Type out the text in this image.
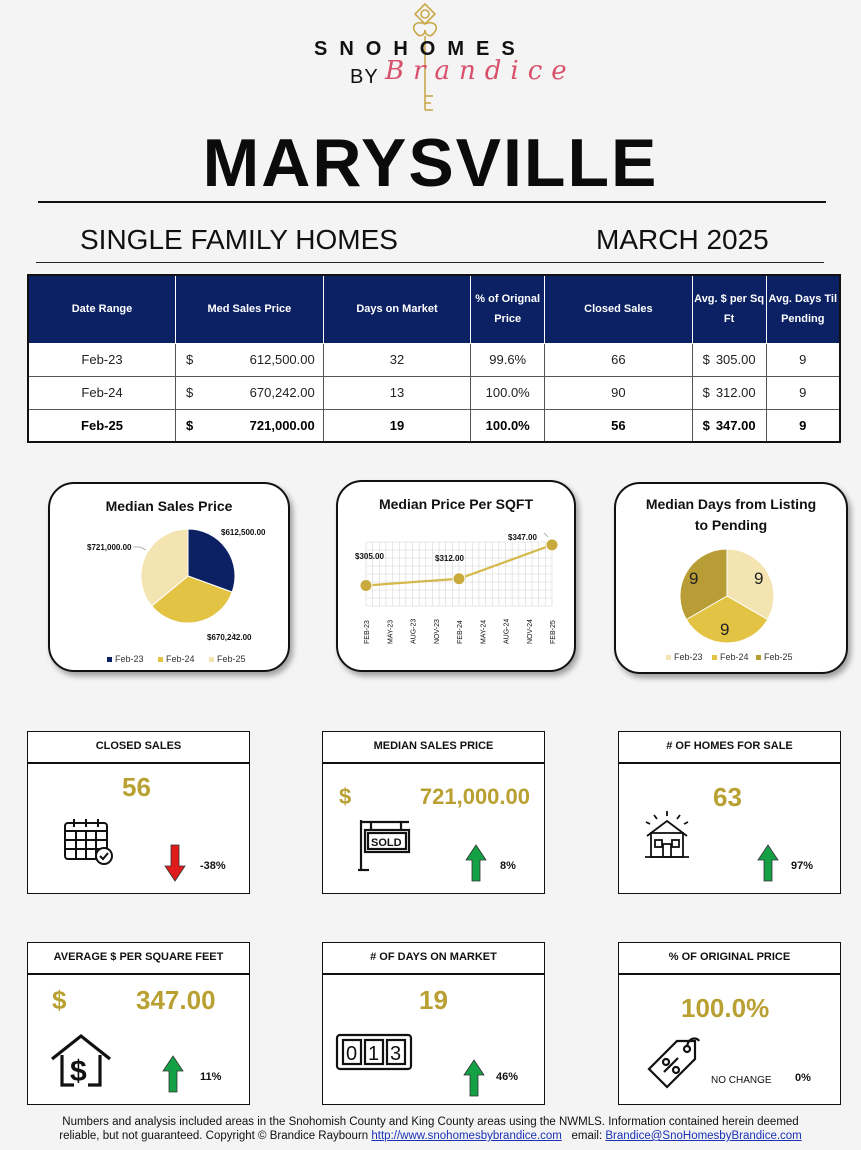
SNOHOMES
BY Brandice
MARYSVILLE
SINGLE FAMILY HOMES	MARCH 2025
Date Range	Med Sales Price	Days on Market	% of Orignal Price	Closed Sales	Avg. $ per Sq Ft	Avg. Days Til Pending
Feb-23	$ 612,500.00	32	99.6%	66	$ 305.00	9
Feb-24	$ 670,242.00	13	100.0%	90	$ 312.00	9
Feb-25	$ 721,000.00	19	100.0%	56	$ 347.00	9
Median Sales Price
$612,500.00
$670,242.00
$721,000.00
Feb-23 Feb-24 Feb-25
Median Price Per SQFT
FEB-23 MAY-23 AUG-23 NOV-23 FEB-24 MAY-24 AUG-24 NOV-24 FEB-25
$305.00	$312.00
$347.00
Median Days from Listing
to Pending
9
9
9
Feb-23 Feb-24 Feb-25
CLOSED SALES
56
-38%
MEDIAN SALES PRICE
$	721,000.00
SOLD
8%
# OF HOMES FOR SALE
63
97%
AVERAGE $ PER SQUARE FEET
$	347.00
$	11%
# OF DAYS ON MARKET
19
0 1 3
46%
% OF ORIGINAL PRICE
100.0%
NO CHANGE 0%
Numbers and analysis included areas in the Snohomish County and King County areas using the NWMLS. Information contained herein deemed
reliable, but not guaranteed. Copyright © Brandice Raybourn http://www.snohomesbybrandice.com email: Brandice@SnoHomesbyBrandice.com
